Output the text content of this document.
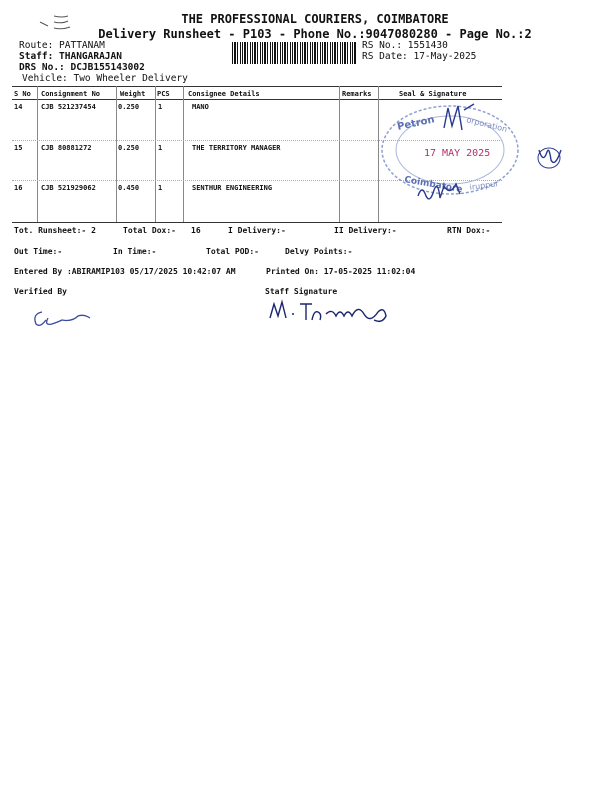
THE PROFESSIONAL COURIERS, COIMBATORE
Delivery Runsheet - P103 - Phone No.:9047080280 - Page No.:2
Route: PATTANAM
Staff: THANGARAJAN
DRS No.: DCJB155143002
Vehicle: Two Wheeler Delivery
RS No.: 1551430
RS Date: 17-May-2025
S No Consignment No	Weight PCS	Consignee Details	Remarks	Seal & Signature
14	CJB 521237454	0.250	1	MANO
15	CJB 80881272	0.250	1	THE TERRITORY MANAGER
16	CJB 521929062	0.450	1	SENTHUR ENGINEERING
Petron	orporation
17 MAY 2025
Coimbatore iruppur
Tot. Runsheet:- 2	Total Dox:- 16	I Delivery:-	II Delivery:-	RTN Dox:-
Out Time:-	In Time:-	Total POD:-	Delvy Points:-
Entered By :ABIRAMIP103 05/17/2025 10:42:07 AM	Printed On: 17-05-2025 11:02:04
Verified By	Staff Signature
